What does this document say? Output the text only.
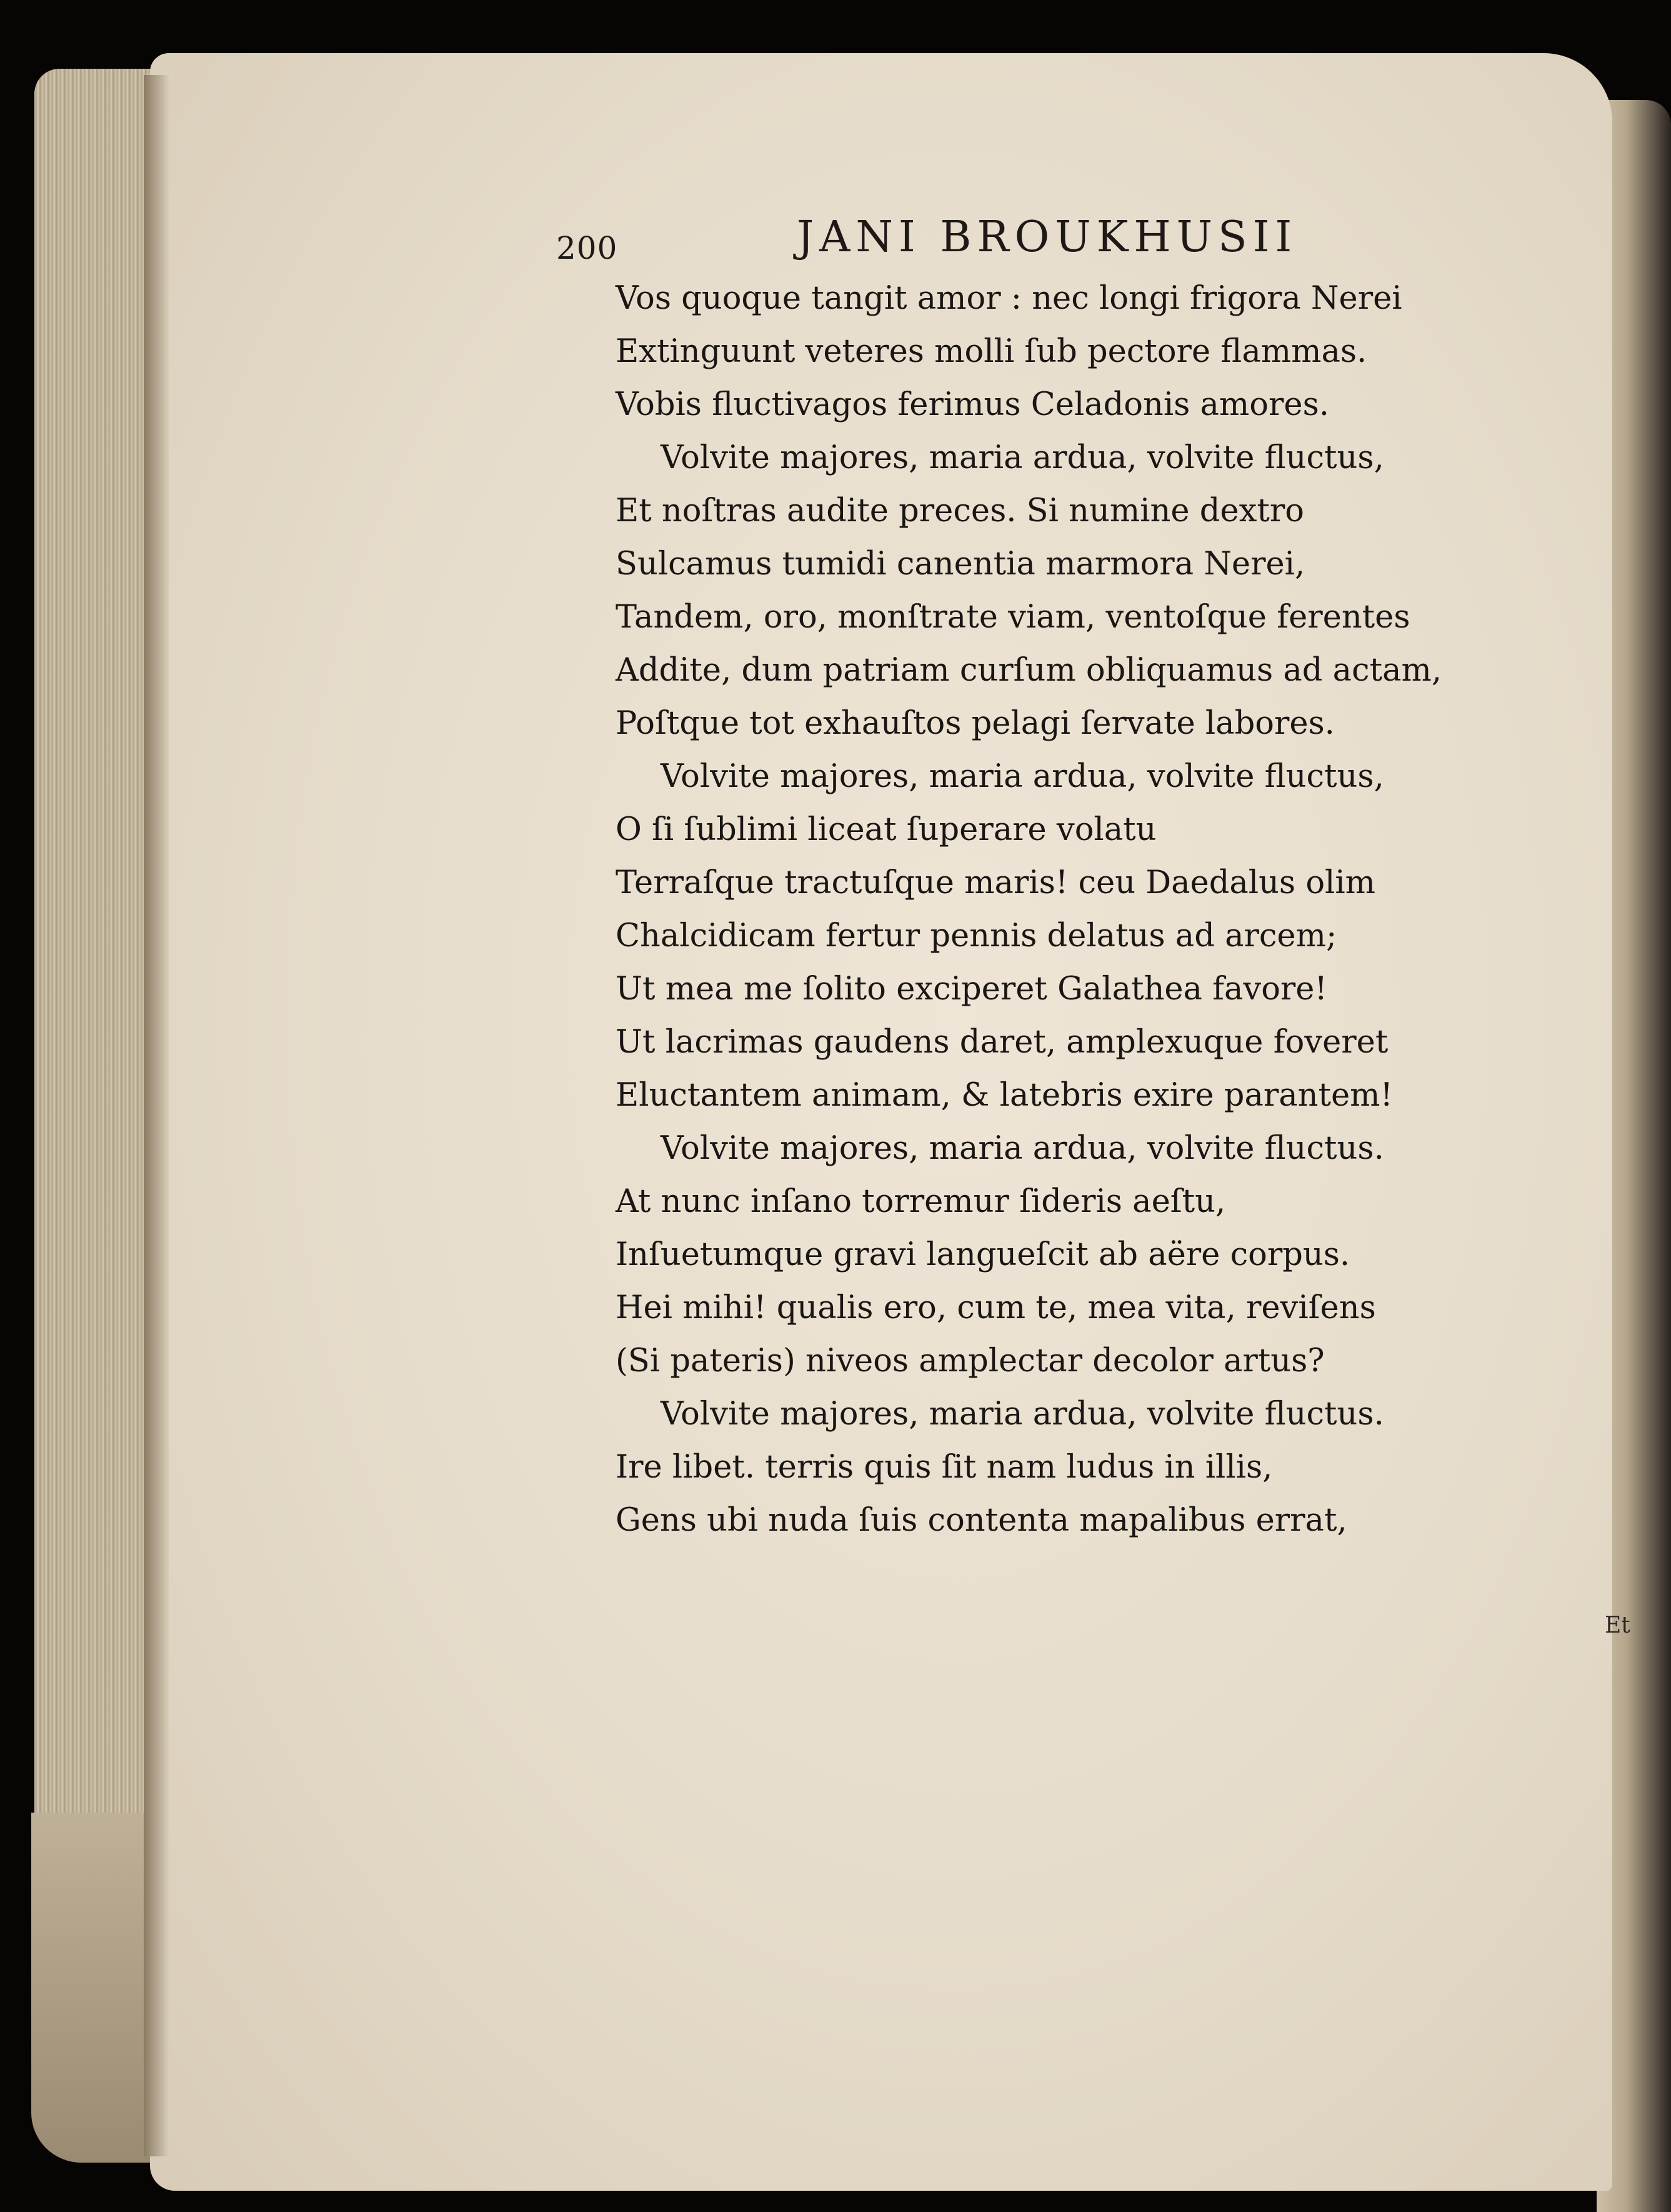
200	JANI BROUKHUSII
Vos quoque tangit amor : nec longi frigora Nerei
Extinguunt veteres molli ſub pectore flammas.
Vobis fluctivagos ferimus Celadonis amores.
Volvite majores, maria ardua, volvite fluctus,
Et noſtras audite preces. Si numine dextro
Sulcamus tumidi canentia marmora Nerei,
Tandem, oro, monſtrate viam, ventoſque ferentes
Addite, dum patriam curſum obliquamus ad actam,
Poſtque tot exhauſtos pelagi ſervate labores.
Volvite majores, maria ardua, volvite fluctus,
O ſi ſublimi liceat ſuperare volatu
Terraſque tractuſque maris! ceu Daedalus olim
Chalcidicam fertur pennis delatus ad arcem;
Ut mea me ſolito exciperet Galathea favore!
Ut lacrimas gaudens daret, amplexuque foveret
Eluctantem animam, & latebris exire parantem!
Volvite majores, maria ardua, volvite fluctus.
At nunc inſano torremur ſideris aeſtu,
Inſuetumque gravi langueſcit ab aëre corpus.
Hei mihi! qualis ero, cum te, mea vita, reviſens
(Si pateris) niveos amplectar decolor artus?
Volvite majores, maria ardua, volvite fluctus.
Ire libet. terris quis ſit nam ludus in illis,
Gens ubi nuda ſuis contenta mapalibus errat,
Et
